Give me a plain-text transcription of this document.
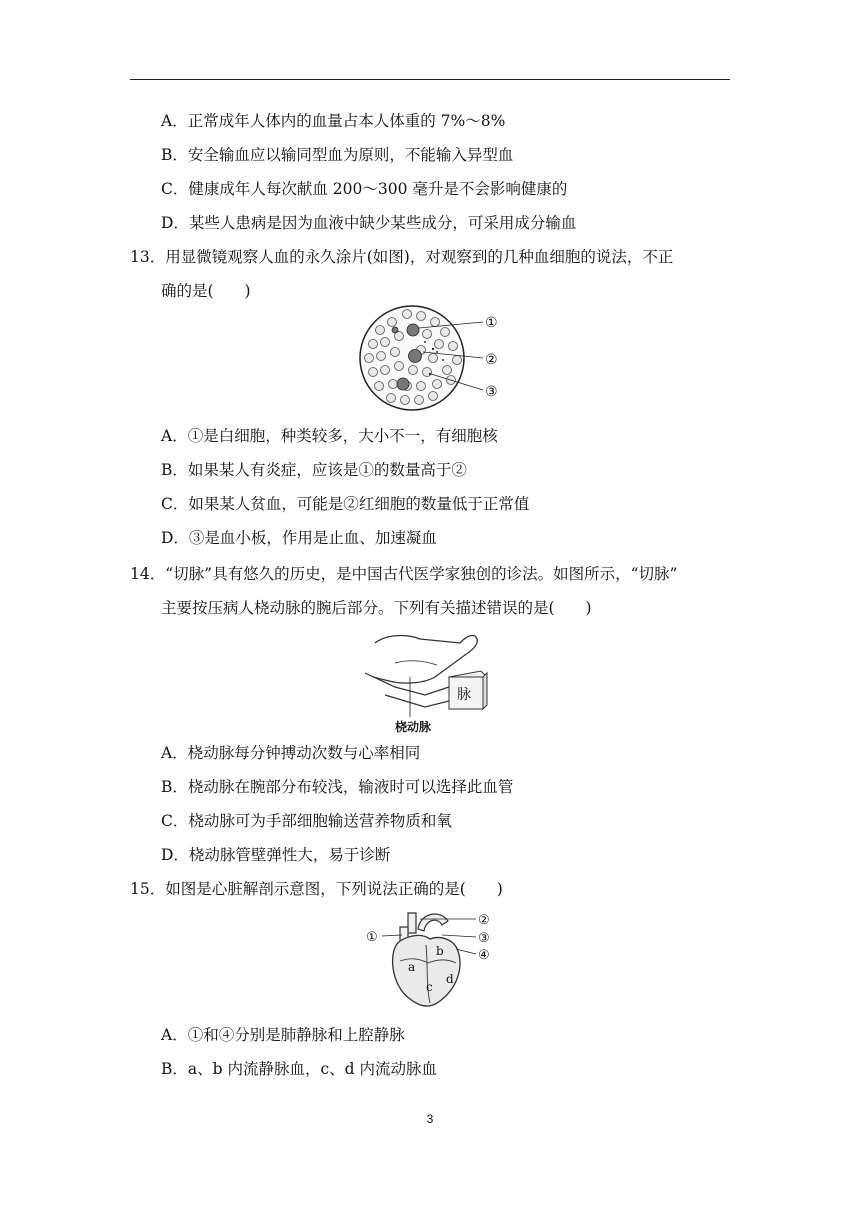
A．正常成年人体内的血量占本人体重的 7%～8%
B．安全输血应以输同型血为原则，不能输入异型血
C．健康成年人每次献血 200～300 毫升是不会影响健康的
D．某些人患病是因为血液中缺少某些成分，可采用成分输血
13．用显微镜观察人血的永久涂片(如图)，对观察到的几种血细胞的说法，不正
确的是(　　)
①
②
③
A．①是白细胞，种类较多，大小不一，有细胞核
B．如果某人有炎症，应该是①的数量高于②
C．如果某人贫血，可能是②红细胞的数量低于正常值
D．③是血小板，作用是止血、加速凝血
14．“切脉”具有悠久的历史，是中国古代医学家独创的诊法。如图所示，“切脉”
主要按压病人桡动脉的腕后部分。下列有关描述错误的是(　　)
脉
桡动脉
A．桡动脉每分钟搏动次数与心率相同
B．桡动脉在腕部分布较浅，输液时可以选择此血管
C．桡动脉可为手部细胞输送营养物质和氧
D．桡动脉管壁弹性大，易于诊断
15．如图是心脏解剖示意图，下列说法正确的是(　　)
a
b
c
d
①
②
③
④
A．①和④分别是肺静脉和上腔静脉
B．a、b 内流静脉血，c、d 内流动脉血
3
